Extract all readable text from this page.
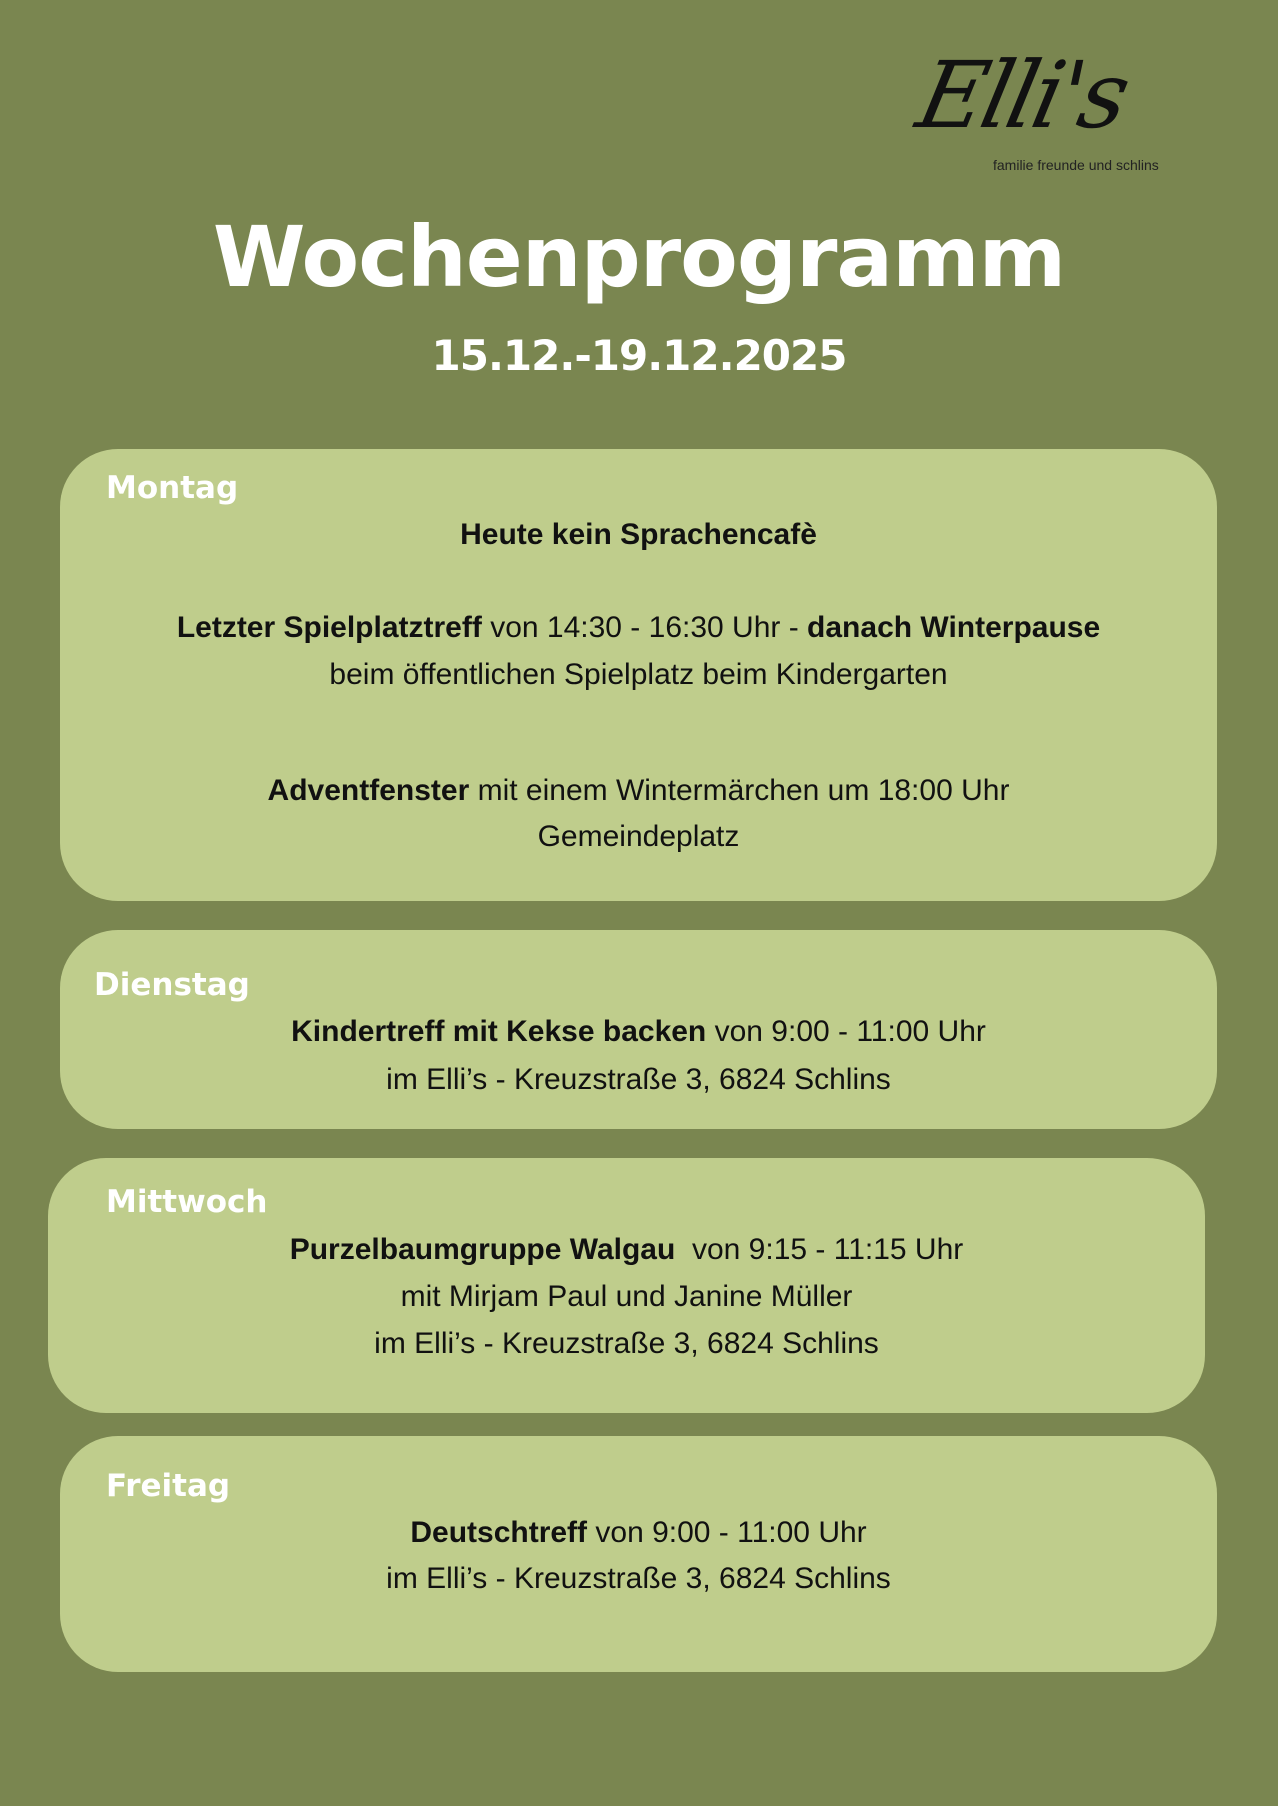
Elli's
familie freunde und schlins
Wochenprogramm
15.12.-19.12.2025
Montag
Heute kein Sprachencafè
Letzter Spielplatztreff von 14:30 - 16:30 Uhr - danach Winterpause
beim öffentlichen Spielplatz beim Kindergarten
Adventfenster mit einem Wintermärchen um 18:00 Uhr
Gemeindeplatz
Dienstag
Kindertreff mit Kekse backen von 9:00 - 11:00 Uhr
im Elli’s - Kreuzstraße 3, 6824 Schlins
Mittwoch
Purzelbaumgruppe Walgau  von 9:15 - 11:15 Uhr
mit Mirjam Paul und Janine Müller
im Elli’s - Kreuzstraße 3, 6824 Schlins
Freitag
Deutschtreff von 9:00 - 11:00 Uhr
im Elli’s - Kreuzstraße 3, 6824 Schlins
